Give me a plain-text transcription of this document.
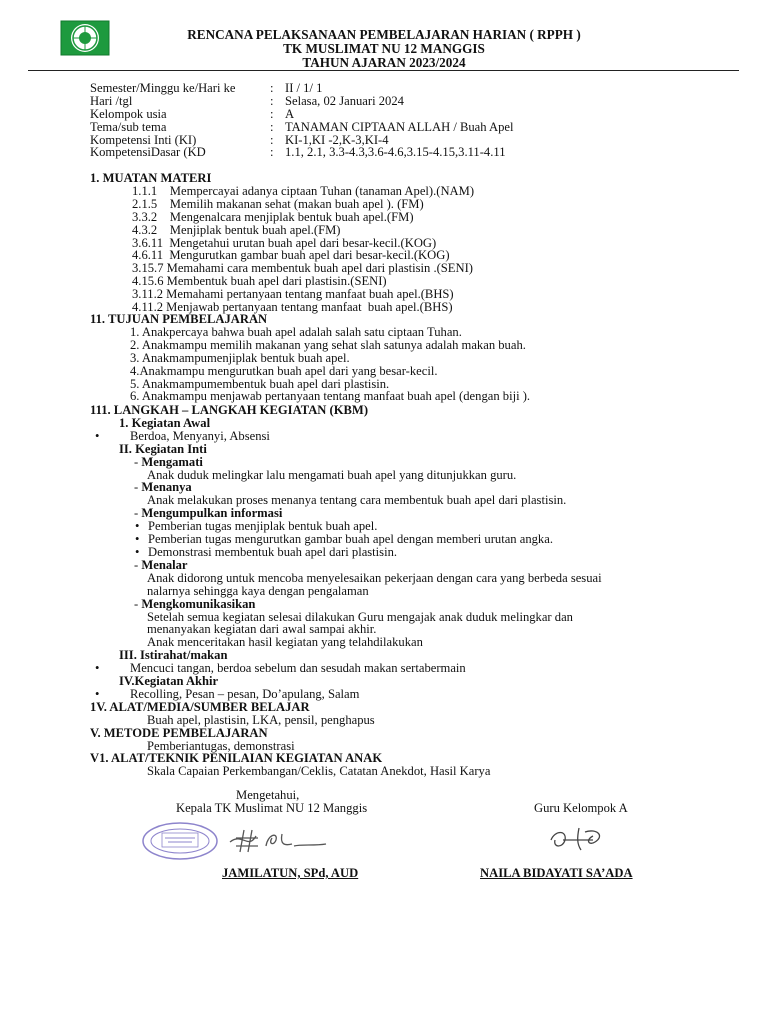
RENCANA PELAKSANAAN PEMBELAJARAN HARIAN ( RPPH )
TK MUSLIMAT NU 12 MANGGIS
TAHUN AJARAN 2023/2024
Semester/Minggu ke/Hari ke	: II / 1/ 1
Hari /tgl	: Selasa, 02 Januari 2024
Kelompok usia	: A
Tema/sub tema	: TANAMAN CIPTAAN ALLAH / Buah Apel
Kompetensi Inti (KI)	: KI-1,KI -2,K-3,KI-4
KompetensiDasar (KD	: 1.1, 2.1, 3.3-4.3,3.6-4.6,3.15-4.15,3.11-4.11
1. MUATAN MATERI
1.1.1    Mempercayai adanya ciptaan Tuhan (tanaman Apel).(NAM)
2.1.5    Memilih makanan sehat (makan buah apel ). (FM)
3.3.2    Mengenalcara menjiplak bentuk buah apel.(FM)
4.3.2    Menjiplak bentuk buah apel.(FM)
3.6.11  Mengetahui urutan buah apel dari besar-kecil.(KOG)
4.6.11  Mengurutkan gambar buah apel dari besar-kecil.(KOG)
3.15.7 Memahami cara membentuk buah apel dari plastisin .(SENI)
4.15.6 Membentuk buah apel dari plastisin.(SENI)
3.11.2 Memahami pertanyaan tentang manfaat buah apel.(BHS)
4.11.2 Menjawab pertanyaan tentang manfaat  buah apel.(BHS)
11. TUJUAN PEMBELAJARAN
1. Anakpercaya bahwa buah apel adalah salah satu ciptaan Tuhan.
2. Anakmampu memilih makanan yang sehat slah satunya adalah makan buah.
3. Anakmampumenjiplak bentuk buah apel.
4.Anakmampu mengurutkan buah apel dari yang besar-kecil.
5. Anakmampumembentuk buah apel dari plastisin.
6. Anakmampu menjawab pertanyaan tentang manfaat buah apel (dengan biji ).
111. LANGKAH – LANGKAH KEGIATAN (KBM)
1. Kegiatan Awal
• Berdoa, Menyanyi, Absensi
II. Kegiatan Inti
- Mengamati
Anak duduk melingkar lalu mengamati buah apel yang ditunjukkan guru.
- Menanya
Anak melakukan proses menanya tentang cara membentuk buah apel dari plastisin.
- Mengumpulkan informasi
• Pemberian tugas menjiplak bentuk buah apel.
• Pemberian tugas mengurutkan gambar buah apel dengan memberi urutan angka.
• Demonstrasi membentuk buah apel dari plastisin.
- Menalar
Anak didorong untuk mencoba menyelesaikan pekerjaan dengan cara yang berbeda sesuai
nalarnya sehingga kaya dengan pengalaman
- Mengkomunikasikan
Setelah semua kegiatan selesai dilakukan Guru mengajak anak duduk melingkar dan
menanyakan kegiatan dari awal sampai akhir.
Anak menceritakan hasil kegiatan yang telahdilakukan
III. Istirahat/makan
• Mencuci tangan, berdoa sebelum dan sesudah makan sertabermain
IV.Kegiatan Akhir
• Recolling, Pesan – pesan, Do’apulang, Salam
1V. ALAT/MEDIA/SUMBER BELAJAR
Buah apel, plastisin, LKA, pensil, penghapus
V. METODE PEMBELAJARAN
Pemberiantugas, demonstrasi
V1. ALAT/TEKNIK PENILAIAN KEGIATAN ANAK
Skala Capaian Perkembangan/Ceklis, Catatan Anekdot, Hasil Karya
Mengetahui,
Kepala TK Muslimat NU 12 Manggis	Guru Kelompok A
JAMILATUN, SPd, AUD	NAILA BIDAYATI SA’ADA
